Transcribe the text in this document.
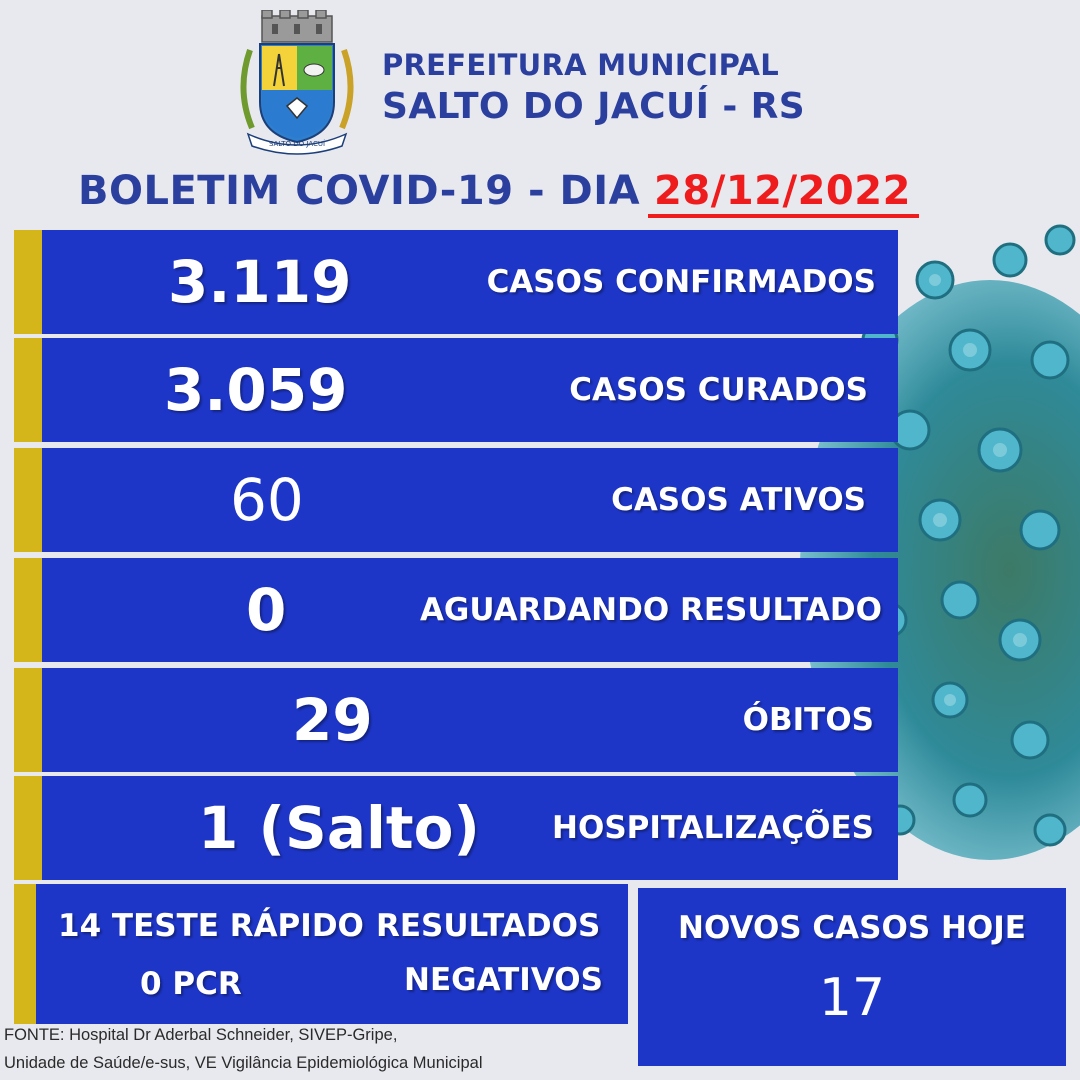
SALTO DO JACUÍ
PREFEITURA MUNICIPAL
SALTO DO JACUÍ - RS
BOLETIM COVID-19 - DIA 28/12/2022
3.119	CASOS CONFIRMADOS
3.059	CASOS CURADOS
60	CASOS ATIVOS
0	AGUARDANDO RESULTADO
29	ÓBITOS
1 (Salto) HOSPITALIZAÇÕES
14 TESTE RÁPIDO
0 PCR
RESULTADOS
NEGATIVOS
NOVOS CASOS HOJE
17
FONTE: Hospital Dr Aderbal Schneider, SIVEP-Gripe,
Unidade de Saúde/e-sus, VE Vigilância Epidemiológica Municipal
